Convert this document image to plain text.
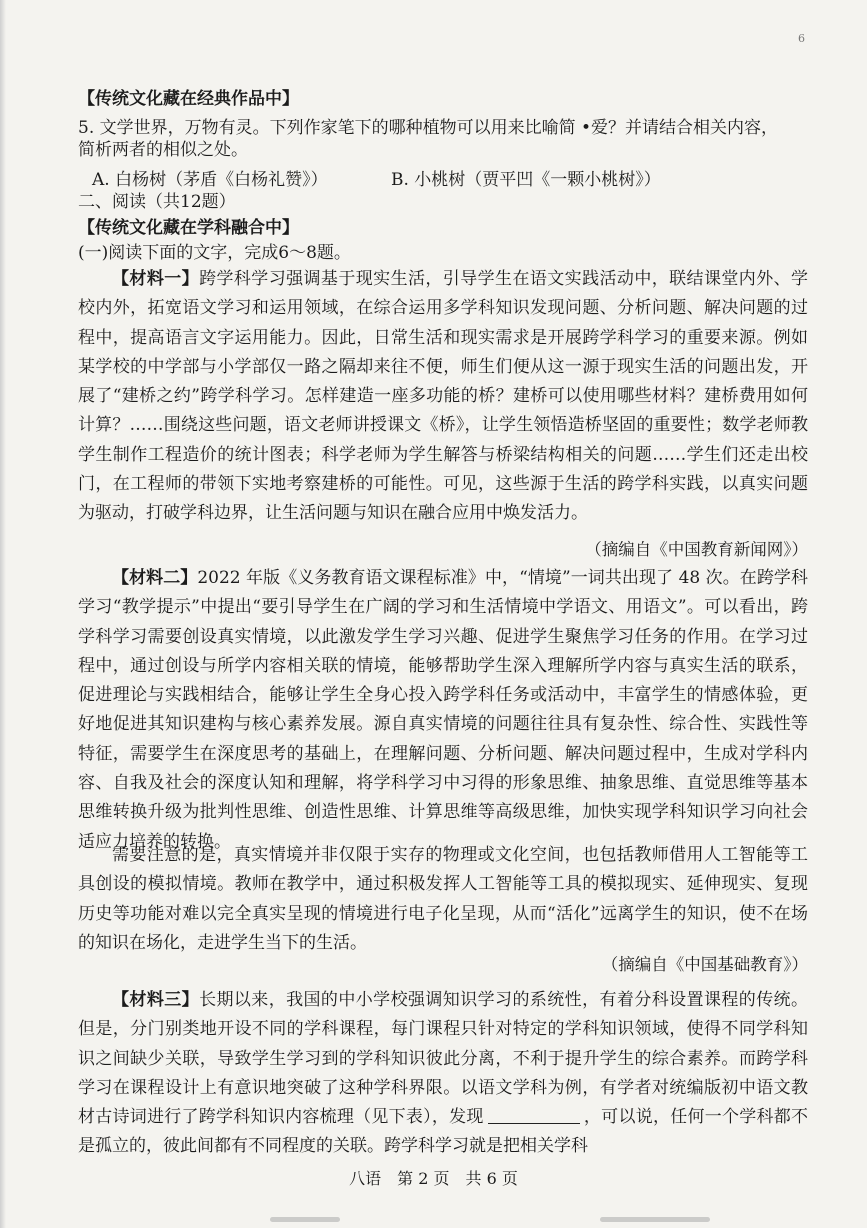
6
【传统文化藏在经典作品中】
5. 文学世界，万物有灵。下列作家笔下的哪种植物可以用来比喻简 •爱？并请结合相关内容，
简析两者的相似之处。
A. 白杨树（茅盾《白杨礼赞》）	B. 小桃树（贾平凹《一颗小桃树》）
二、阅读（共12题）
【传统文化藏在学科融合中】
(一)阅读下面的文字，完成6～8题。
【材料一】跨学科学习强调基于现实生活，引导学生在语文实践活动中，联结课堂内外、学校内外，拓宽语文学习和运用领域，在综合运用多学科知识发现问题、分析问题、解决问题的过程中，提高语言文字运用能力。因此，日常生活和现实需求是开展跨学科学习的重要来源。例如某学校的中学部与小学部仅一路之隔却来往不便，师生们便从这一源于现实生活的问题出发，开展了“建桥之约”跨学科学习。怎样建造一座多功能的桥？建桥可以使用哪些材料？建桥费用如何计算？……围绕这些问题，语文老师讲授课文《桥》，让学生领悟造桥坚固的重要性；数学老师教学生制作工程造价的统计图表；科学老师为学生解答与桥梁结构相关的问题……学生们还走出校门，在工程师的带领下实地考察建桥的可能性。可见，这些源于生活的跨学科实践，以真实问题为驱动，打破学科边界，让生活问题与知识在融合应用中焕发活力。
（摘编自《中国教育新闻网》）
【材料二】2022 年版《义务教育语文课程标准》中，“情境”一词共出现了 48 次。在跨学科学习“教学提示”中提出“要引导学生在广阔的学习和生活情境中学语文、用语文”。可以看出，跨学科学习需要创设真实情境，以此激发学生学习兴趣、促进学生聚焦学习任务的作用。在学习过程中，通过创设与所学内容相关联的情境，能够帮助学生深入理解所学内容与真实生活的联系，促进理论与实践相结合，能够让学生全身心投入跨学科任务或活动中，丰富学生的情感体验，更好地促进其知识建构与核心素养发展。源自真实情境的问题往往具有复杂性、综合性、实践性等特征，需要学生在深度思考的基础上，在理解问题、分析问题、解决问题过程中，生成对学科内容、自我及社会的深度认知和理解，将学科学习中习得的形象思维、抽象思维、直觉思维等基本思维转换升级为批判性思维、创造性思维、计算思维等高级思维，加快实现学科知识学习向社会适应力培养的转换。
需要注意的是，真实情境并非仅限于实存的物理或文化空间，也包括教师借用人工智能等工具创设的模拟情境。教师在教学中，通过积极发挥人工智能等工具的模拟现实、延伸现实、复现历史等功能对难以完全真实呈现的情境进行电子化呈现，从而“活化”远离学生的知识，使不在场的知识在场化，走进学生当下的生活。
（摘编自《中国基础教育》）
【材料三】长期以来，我国的中小学校强调知识学习的系统性，有着分科设置课程的传统。但是，分门别类地开设不同的学科课程，每门课程只针对特定的学科知识领域，使得不同学科知识之间缺少关联，导致学生学习到的学科知识彼此分离，不利于提升学生的综合素养。而跨学科学习在课程设计上有意识地突破了这种学科界限。以语文学科为例，有学者对统编版初中语文教材古诗词进行了跨学科知识内容梳理（见下表），发现	，可以说，任何一个学科都不是孤立的，彼此间都有不同程度的关联。跨学科学习就是把相关学科
八语　第 2 页　共 6 页
